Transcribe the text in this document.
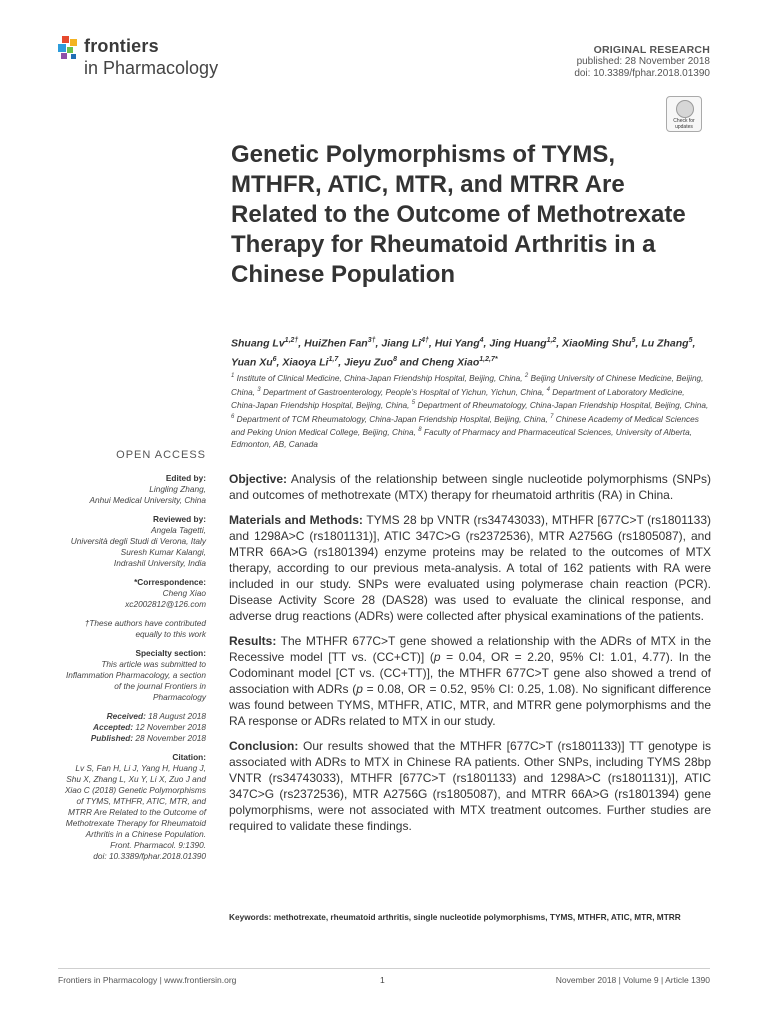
frontiers
in Pharmacology
ORIGINAL RESEARCH
published: 28 November 2018
doi: 10.3389/fphar.2018.01390
Check for updates
Genetic Polymorphisms of TYMS, MTHFR, ATIC, MTR, and MTRR Are Related to the Outcome of Methotrexate Therapy for Rheumatoid Arthritis in a Chinese Population
Shuang $Lv^{1,2\dagger}$, HuiZhen Fan$^{3\dagger}$, Jiang $Li^{4\dagger}$, Hui Yang$^4$, Jing Huang$^{1,2}$, XiaoMing Shu$^5$, Lu Zhang$^5$, Yuan Xu$^6$, Xiaoya Li$^{1,7}$, Jieyu Zuo$^8$ and Cheng Xiao$^{1,2,7*}$
$^1$ Institute of Clinical Medicine, China-Japan Friendship Hospital, Beijing, China, $^2$ Beijing University of Chinese Medicine, Beijing, China, $^3$ Department of Gastroenterology, People’s Hospital of Yichun, Yichun, China, $^4$ Department of Laboratory Medicine, China-Japan Friendship Hospital, Beijing, China, $^5$ Department of Rheumatology, China-Japan Friendship Hospital, Beijing, China, $^6$ Department of TCM Rheumatology, China-Japan Friendship Hospital, Beijing, China, $^7$ Chinese Academy of Medical Sciences and Peking Union Medical College, Beijing, China, $^8$ Faculty of Pharmacy and Pharmaceutical Sciences, University of Alberta, Edmonton, AB, Canada
OPEN ACCESS
Edited by:
Lingling Zhang,
Anhui Medical University, China
Reviewed by:
Angela Tagetti,
Università degli Studi di Verona, Italy
Suresh Kumar Kalangi,
Indrashil University, India
*Correspondence:
Cheng Xiao
xc2002812@126.com
†These authors have contributed equally to this work
Specialty section:
This article was submitted to Inflammation Pharmacology, a section of the journal Frontiers in Pharmacology
Received: 18 August 2018
Accepted: 12 November 2018
Published: 28 November 2018
Citation:
Lv S, Fan H, Li J, Yang H, Huang J, Shu X, Zhang L, Xu Y, Li X, Zuo J and Xiao C (2018) Genetic Polymorphisms of TYMS, MTHFR, ATIC, MTR, and MTRR Are Related to the Outcome of Methotrexate Therapy for Rheumatoid Arthritis in a Chinese Population.
Front. Pharmacol. 9:1390.
doi: 10.3389/fphar.2018.01390

Objective: Analysis of the relationship between single nucleotide polymorphisms (SNPs) and outcomes of methotrexate (MTX) therapy for rheumatoid arthritis (RA) in China.

Materials and Methods: TYMS 28 bp VNTR (rs34743033), MTHFR [677C>T (rs1801133) and 1298A>C (rs1801131)], ATIC 347C>G (rs2372536), MTR A2756G (rs1805087), and MTRR 66A>G (rs1801394) enzyme proteins may be related to the outcomes of MTX therapy, according to our previous meta-analysis. A total of 162 patients with RA were included in our study. SNPs were evaluated using polymerase chain reaction (PCR). Disease Activity Score 28 (DAS28) was used to evaluate the clinical response, and adverse drug reactions (ADRs) were collected after physical examinations of the patients.

Results: The MTHFR 677C>T gene showed a relationship with the ADRs of MTX in the Recessive model [TT vs. (CC+CT)] (p = 0.04, OR = 2.20, 95% CI: 1.01, 4.77). In the Codominant model [CT vs. (CC+TT)], the MTHFR 677C>T gene also showed a trend of association with ADRs (p = 0.08, OR = 0.52, 95% CI: 0.25, 1.08). No significant difference was found between TYMS, MTHFR, ATIC, MTR, and MTRR gene polymorphisms and the RA response or ADRs related to MTX in our study.

Conclusion: Our results showed that the MTHFR [677C>T (rs1801133)] TT genotype is associated with ADRs to MTX in Chinese RA patients. Other SNPs, including TYMS 28bp VNTR (rs34743033), MTHFR [677C>T (rs1801133) and 1298A>C (rs1801131)], ATIC 347C>G (rs2372536), MTR A2756G (rs1805087), and MTRR 66A>G (rs1801394) gene polymorphisms, were not associated with MTX treatment outcomes. Further studies are required to validate these findings.

Keywords: methotrexate, rheumatoid arthritis, single nucleotide polymorphisms, TYMS, MTHFR, ATIC, MTR, MTRR
Frontiers in Pharmacology | www.frontiersin.org	1	November 2018 | Volume 9 | Article 1390
